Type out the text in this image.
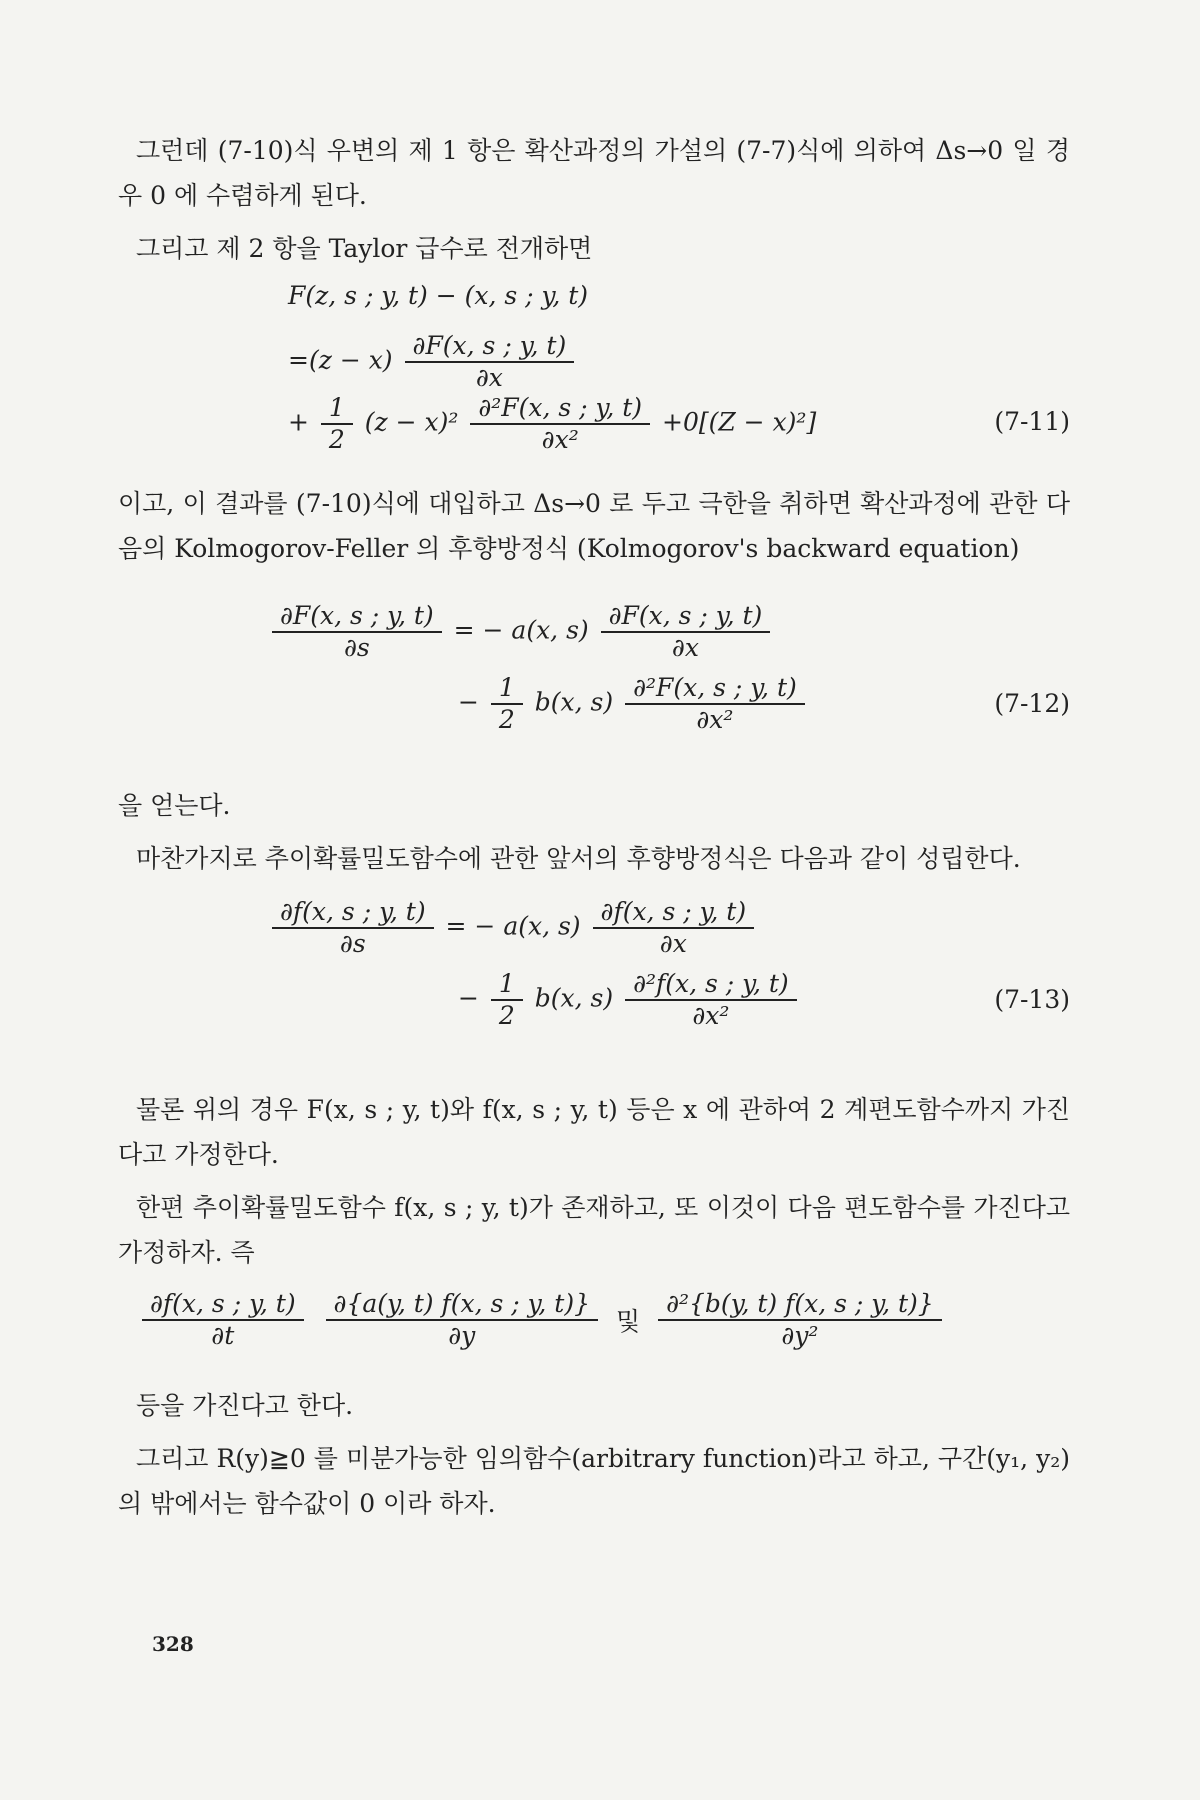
그런데 (7-10)식 우변의 제 1 항은 확산과정의 가설의 (7-7)식에 의하여 Δs→0 일 경우 0 에 수렴하게 된다.

그리고 제 2 항을 Taylor 급수로 전개하면

F(z, s ; y, t) − (x, s ; y, t)
$=(z - x) \frac{\partial F(x, s ; y, t)}{\partial x}$
+ $\frac{1}{2} (z - x)^2 \frac{\text{∂²F(x, s ; y, t)}}{\text{∂x²}} +0[(Z - x)^2]$	(7-11)

이고, 이 결과를 (7-10)식에 대입하고 Δs→0 로 두고 극한을 취하면 확산과정에 관한 다음의 Kolmogorov-Feller 의 후향방정식 (Kolmogorov's backward equation)

$\frac{\partial F(x, s ; y, t)}{\partial s}$ = − a(x, $s) \frac{\partial F(x, s ; y, t)}{\partial x}$
− $\frac{1}{2} b(x$, $s) \frac{\text{∂²F(x, s ; y, t)}}{\text{∂x²}}$	(7-12)

을 얻는다.

마찬가지로 추이확률밀도함수에 관한 앞서의 후향방정식은 다음과 같이 성립한다.

$\frac{\partial f(x, s ; y, t)}{\partial s}$ = − a(x, $s) \frac{\partial f(x, s ; y, t)}{\partial x}$
− $\frac{1}{2} b(x$, $s) \frac{\text{∂²f(x, s ; y, t)}}{\text{∂x²}}$	(7-13)

물론 위의 경우 F(x, s ; y, t)와 f(x, s ; y, t) 등은 x 에 관하여 2 계편도함수까지 가진다고 가정한다.

한편 추이확률밀도함수 f(x, s ; y, t)가 존재하고, 또 이것이 다음 편도함수를 가진다고 가정하자. 즉

$\frac{\partial f(x, s ; y, t)}{\partial t}$
$\frac{\partial\{a(y, t) f(x, s ; y, t)\}}{\partial y}$ 및 $\frac{\text{∂²\{b(y, t) f(x, s ; y, t)\}}}{\text{∂y²}}$

등을 가진다고 한다.

그리고 R(y)≧0 를 미분가능한 임의함수(arbitrary function)라고 하고, 구간(y₁, y₂)의 밖에서는 함수값이 0 이라 하자.

328
